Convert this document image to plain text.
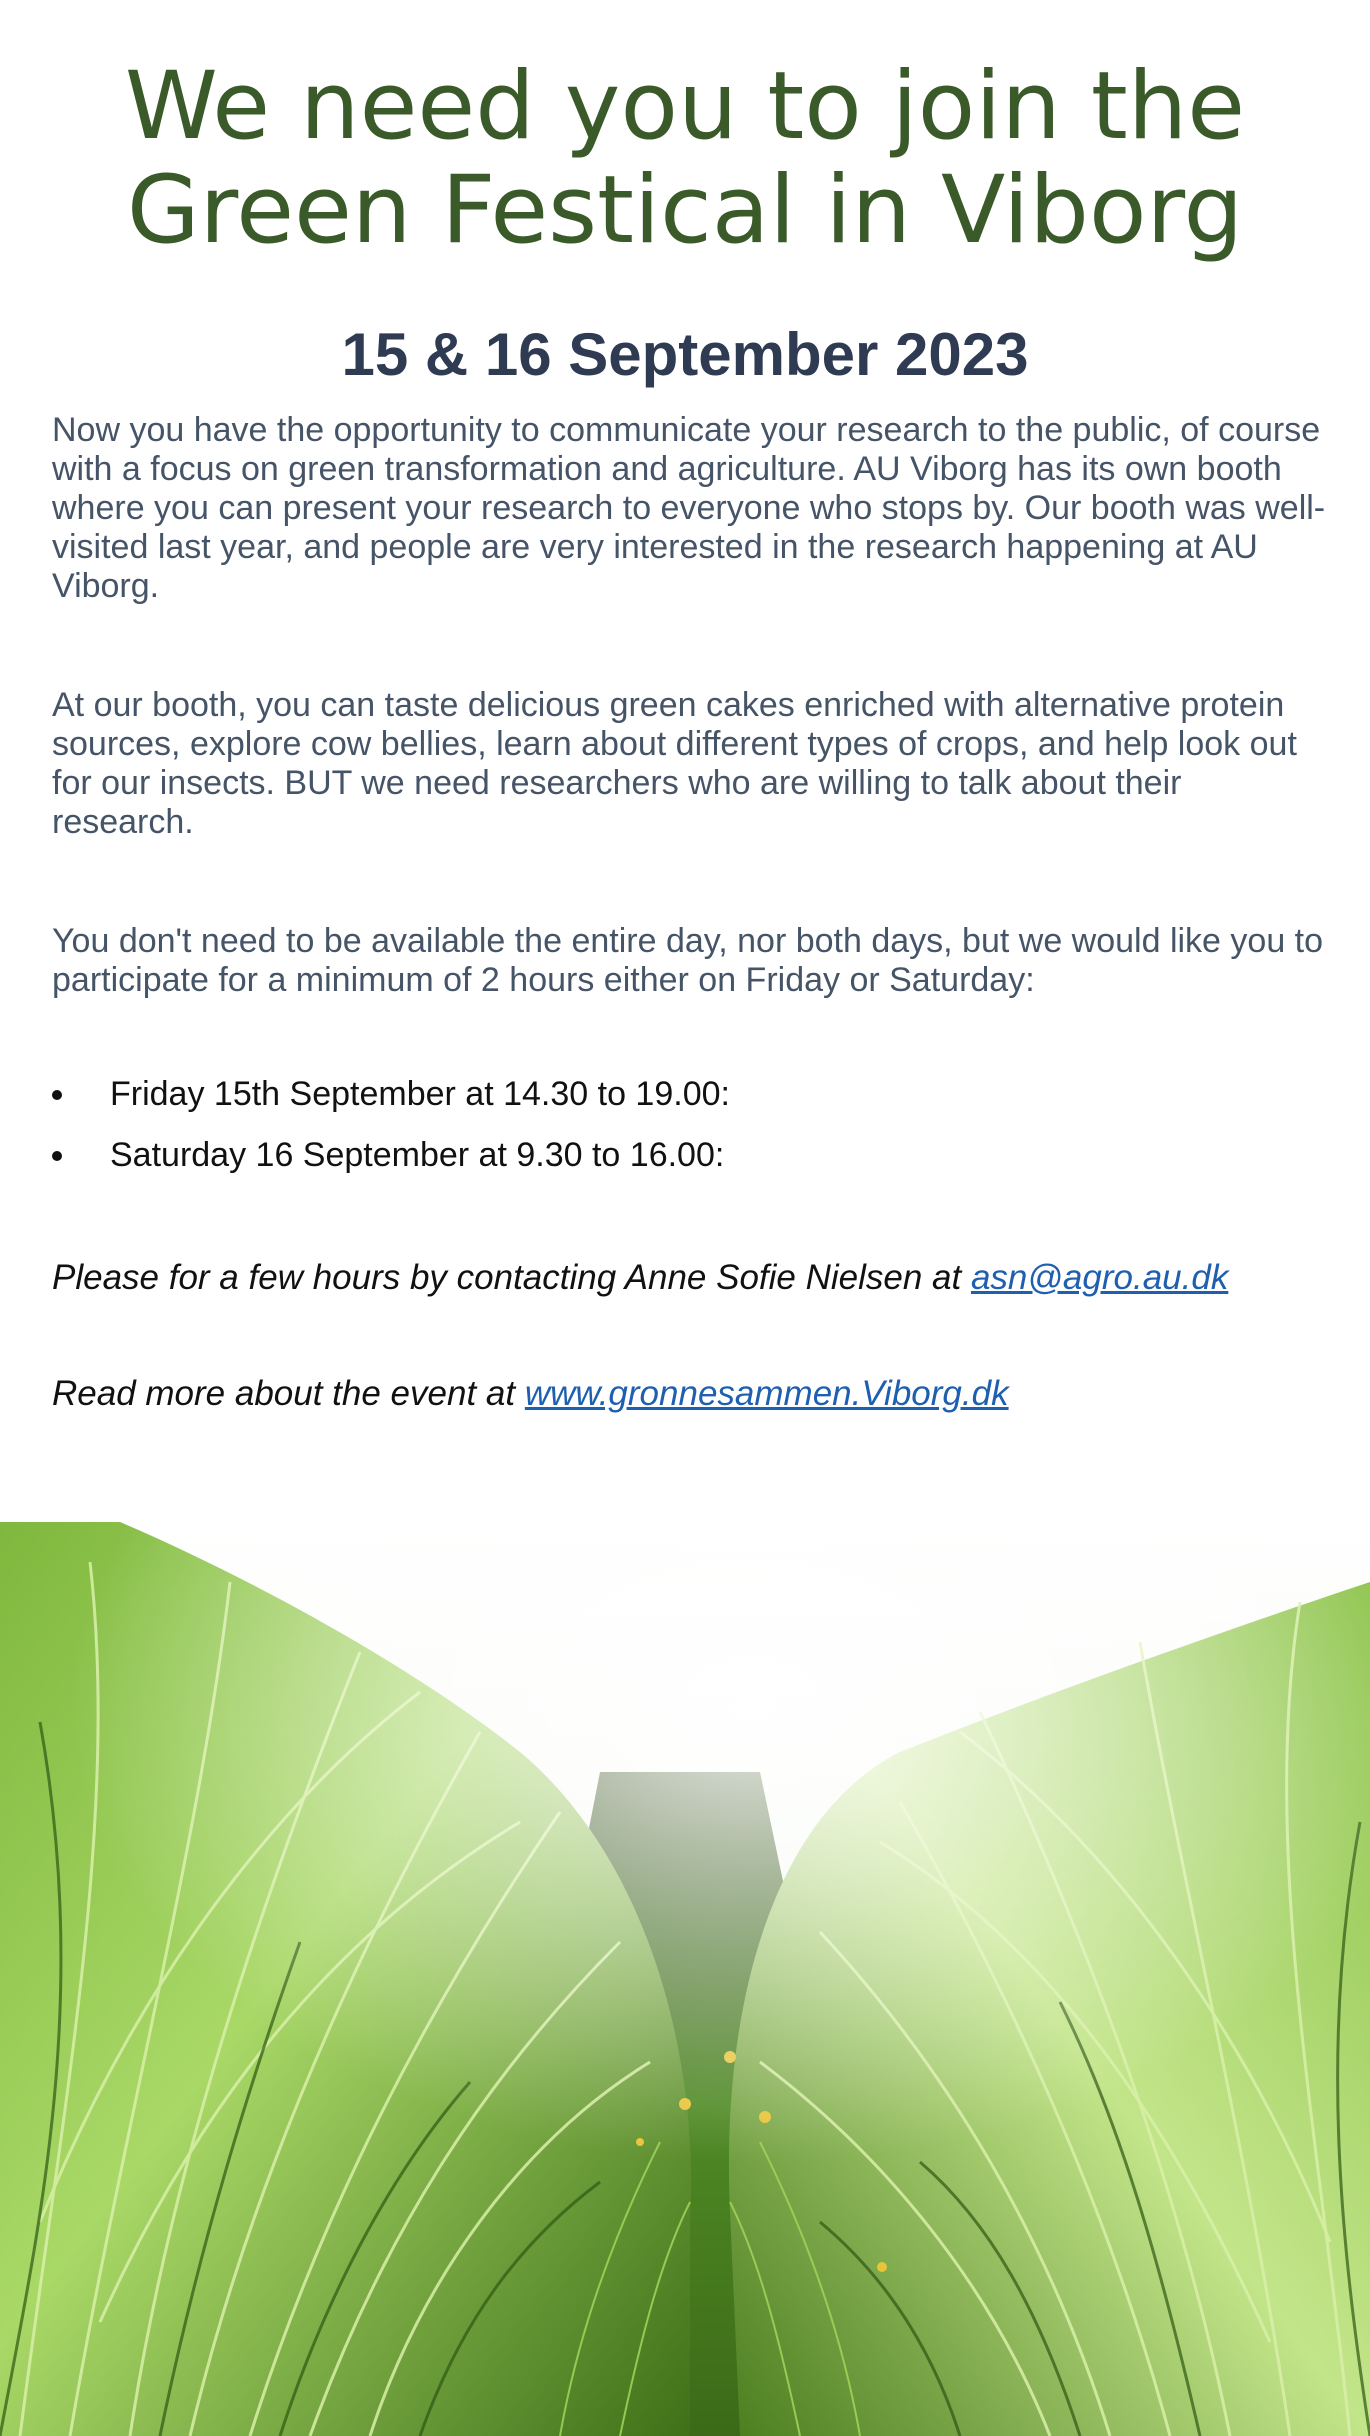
We need you to join the
Green Festical in Viborg
15 & 16 September 2023

Now you have the opportunity to communicate your research to the public, of course with a focus on green transformation and agriculture. AU Viborg has its own booth where you can present your research to everyone who stops by. Our booth was well-visited last year, and people are very interested in the research happening at AU Viborg.

At our booth, you can taste delicious green cakes enriched with alternative protein sources, explore cow bellies, learn about different types of crops, and help look out for our insects. BUT we need researchers who are willing to talk about their research.

You don't need to be available the entire day, nor both days, but we would like you to participate for a minimum of 2 hours either on Friday or Saturday:

Friday 15th September at 14.30 to 19.00:
Saturday 16 September at 9.30 to 16.00:

Please for a few hours by contacting Anne Sofie Nielsen at asn@agro.au.dk

Read more about the event at www.gronnesammen.Viborg.dk
